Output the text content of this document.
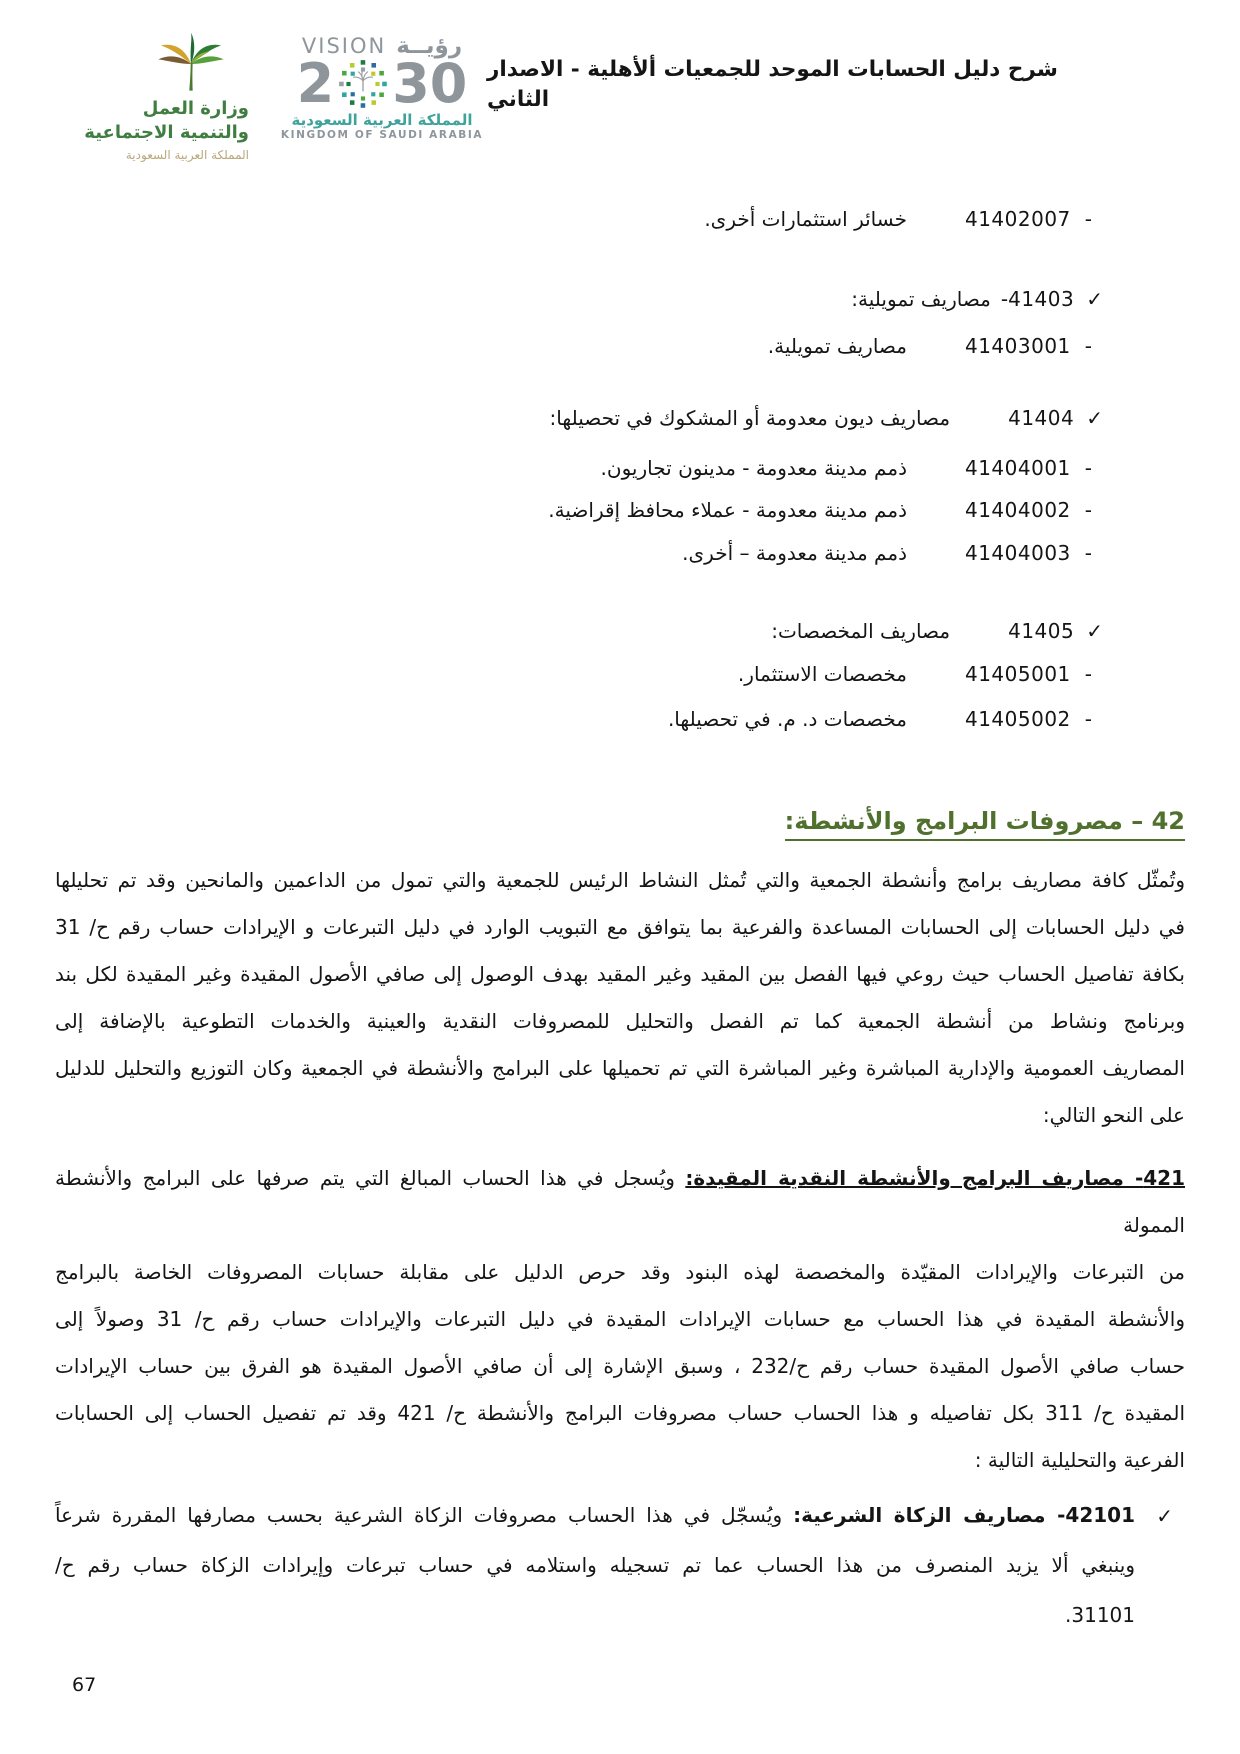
وزارة العمل
والتنمية الاجتماعية
المملكة العربية السعودية
VISION رؤيــة
2 30
المملكة العربية السعودية
KINGDOM OF SAUDI ARABIA
شرح دليل الحسابات الموحد للجمعيات ألأهلية - الاصدار الثاني
-
41402007
خسائر استثمارات أخرى.
✓
41403
-
مصاريف تمويلية:
-
41403001
مصاريف تمويلية.
✓
41404
مصاريف ديون معدومة أو المشكوك في تحصيلها:
-
41404001
ذمم مدينة معدومة - مدينون تجاريون.
-
41404002
ذمم مدينة معدومة - عملاء محافظ إقراضية.
-
41404003
ذمم مدينة معدومة – أخرى.
✓
41405
مصاريف المخصصات:
-
41405001
مخصصات الاستثمار.
-
41405002
مخصصات د. م. في تحصيلها.
42 – مصروفات البرامج والأنشطة:
وتُمثّل كافة مصاريف برامج وأنشطة الجمعية والتي تُمثل النشاط الرئيس للجمعية والتي تمول من الداعمين والمانحين وقد تم تحليلها
في دليل الحسابات إلى الحسابات المساعدة والفرعية بما يتوافق مع التبويب الوارد في دليل التبرعات و الإيرادات حساب رقم ح/ 31
بكافة تفاصيل الحساب حيث روعي فيها الفصل بين المقيد وغير المقيد بهدف الوصول إلى صافي الأصول المقيدة وغير المقيدة لكل بند
وبرنامج ونشاط من أنشطة الجمعية كما تم الفصل والتحليل للمصروفات النقدية والعينية والخدمات التطوعية بالإضافة إلى
المصاريف العمومية والإدارية المباشرة وغير المباشرة التي تم تحميلها على البرامج والأنشطة في الجمعية وكان التوزيع والتحليل للدليل
على النحو التالي:
421- مصاريف البرامج والأنشطة النقدية المقيدة: ويُسجل في هذا الحساب المبالغ التي يتم صرفها على البرامج والأنشطة الممولة
من التبرعات والإيرادات المقيّدة والمخصصة لهذه البنود وقد حرص الدليل على مقابلة حسابات المصروفات الخاصة بالبرامج
والأنشطة المقيدة في هذا الحساب مع حسابات الإيرادات المقيدة في دليل التبرعات والإيرادات حساب رقم ح/ 31 وصولاً إلى
حساب صافي الأصول المقيدة حساب رقم ح/232 ، وسبق الإشارة إلى أن صافي الأصول المقيدة هو الفرق بين حساب الإيرادات
المقيدة ح/ 311 بكل تفاصيله و هذا الحساب حساب مصروفات البرامج والأنشطة ح/ 421 وقد تم تفصيل الحساب إلى الحسابات
الفرعية والتحليلية التالية :
✓
42101- مصاريف الزكاة الشرعية: ويُسجّل في هذا الحساب مصروفات الزكاة الشرعية بحسب مصارفها المقررة شرعاً
وينبغي ألا يزيد المنصرف من هذا الحساب عما تم تسجيله واستلامه في حساب تبرعات وإيرادات الزكاة حساب رقم ح/
31101.
67
